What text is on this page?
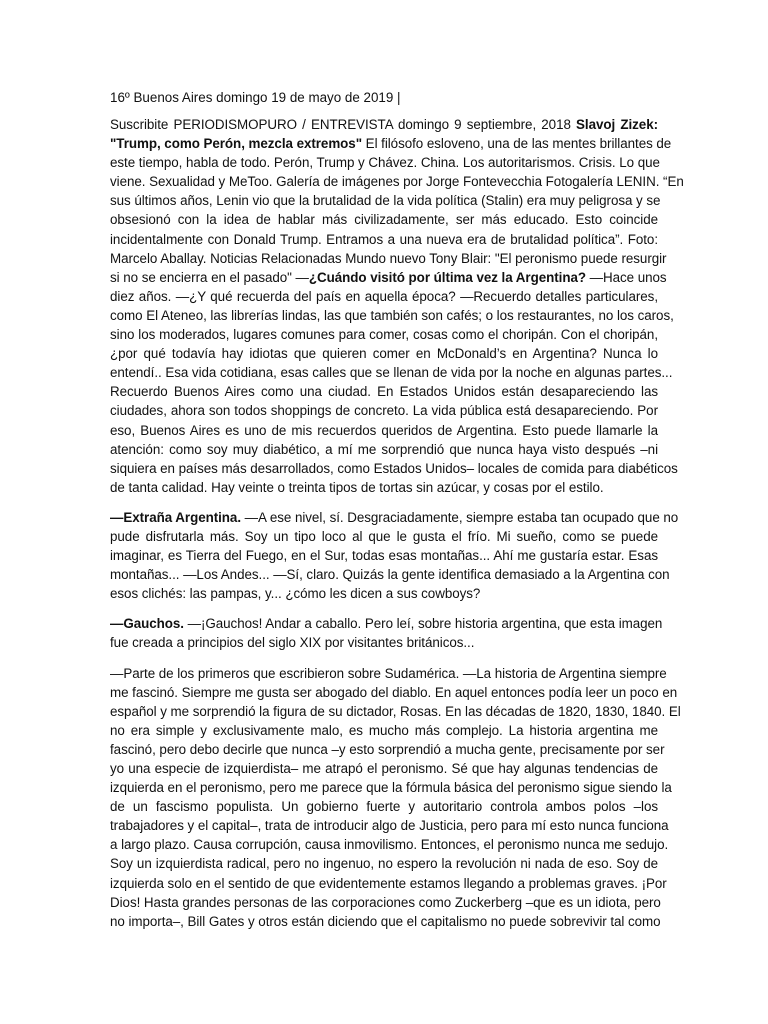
16º Buenos Aires domingo 19 de mayo de 2019 |
Suscribite PERIODISMOPURO / ENTREVISTA domingo 9 septiembre, 2018 Slavoj Zizek:
"Trump, como Perón, mezcla extremos" El filósofo esloveno, una de las mentes brillantes de
este tiempo, habla de todo. Perón, Trump y Chávez. China. Los autoritarismos. Crisis. Lo que
viene. Sexualidad y MeToo. Galería de imágenes por Jorge Fontevecchia Fotogalería LENIN. “En
sus últimos años, Lenin vio que la brutalidad de la vida política (Stalin) era muy peligrosa y se
obsesionó con la idea de hablar más civilizadamente, ser más educado. Esto coincide
incidentalmente con Donald Trump. Entramos a una nueva era de brutalidad política”. Foto:
Marcelo Aballay. Noticias Relacionadas Mundo nuevo Tony Blair: "El peronismo puede resurgir
si no se encierra en el pasado" —¿Cuándo visitó por última vez la Argentina? —Hace unos
diez años. —¿Y qué recuerda del país en aquella época? —Recuerdo detalles particulares,
como El Ateneo, las librerías lindas, las que también son cafés; o los restaurantes, no los caros,
sino los moderados, lugares comunes para comer, cosas como el choripán. Con el choripán,
¿por qué todavía hay idiotas que quieren comer en McDonald’s en Argentina? Nunca lo
entendí.. Esa vida cotidiana, esas calles que se llenan de vida por la noche en algunas partes...
Recuerdo Buenos Aires como una ciudad. En Estados Unidos están desapareciendo las
ciudades, ahora son todos shoppings de concreto. La vida pública está desapareciendo. Por
eso, Buenos Aires es uno de mis recuerdos queridos de Argentina. Esto puede llamarle la
atención: como soy muy diabético, a mí me sorprendió que nunca haya visto después –ni
siquiera en países más desarrollados, como Estados Unidos– locales de comida para diabéticos
de tanta calidad. Hay veinte o treinta tipos de tortas sin azúcar, y cosas por el estilo.
—Extraña Argentina. —A ese nivel, sí. Desgraciadamente, siempre estaba tan ocupado que no
pude disfrutarla más. Soy un tipo loco al que le gusta el frío. Mi sueño, como se puede
imaginar, es Tierra del Fuego, en el Sur, todas esas montañas... Ahí me gustaría estar. Esas
montañas... —Los Andes... —Sí, claro. Quizás la gente identifica demasiado a la Argentina con
esos clichés: las pampas, y... ¿cómo les dicen a sus cowboys?
—Gauchos. —¡Gauchos! Andar a caballo. Pero leí, sobre historia argentina, que esta imagen
fue creada a principios del siglo XIX por visitantes británicos...
—Parte de los primeros que escribieron sobre Sudamérica. —La historia de Argentina siempre
me fascinó. Siempre me gusta ser abogado del diablo. En aquel entonces podía leer un poco en
español y me sorprendió la figura de su dictador, Rosas. En las décadas de 1820, 1830, 1840. El
no era simple y exclusivamente malo, es mucho más complejo. La historia argentina me
fascinó, pero debo decirle que nunca –y esto sorprendió a mucha gente, precisamente por ser
yo una especie de izquierdista– me atrapó el peronismo. Sé que hay algunas tendencias de
izquierda en el peronismo, pero me parece que la fórmula básica del peronismo sigue siendo la
de un fascismo populista. Un gobierno fuerte y autoritario controla ambos polos –los
trabajadores y el capital–, trata de introducir algo de Justicia, pero para mí esto nunca funciona
a largo plazo. Causa corrupción, causa inmovilismo. Entonces, el peronismo nunca me sedujo.
Soy un izquierdista radical, pero no ingenuo, no espero la revolución ni nada de eso. Soy de
izquierda solo en el sentido de que evidentemente estamos llegando a problemas graves. ¡Por
Dios! Hasta grandes personas de las corporaciones como Zuckerberg –que es un idiota, pero
no importa–, Bill Gates y otros están diciendo que el capitalismo no puede sobrevivir tal como
